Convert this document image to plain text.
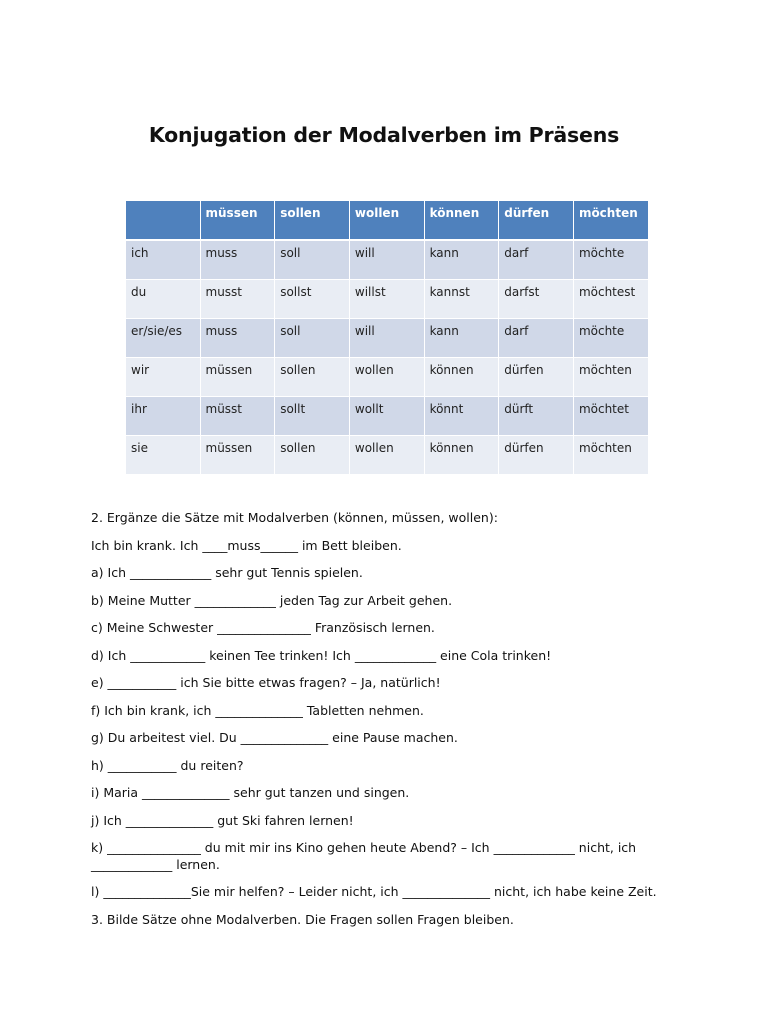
Konjugation der Modalverben im Präsens
	müssen	sollen	wollen	können	dürfen	möchten
ich	muss	soll	will	kann	darf	möchte
du	musst	sollst	willst	kannst	darfst	möchtest
er/sie/es	muss	soll	will	kann	darf	möchte
wir	müssen	sollen	wollen	können	dürfen	möchten
ihr	müsst	sollt	wollt	könnt	dürft	möchtet
sie	müssen	sollen	wollen	können	dürfen	möchten

2. Ergänze die Sätze mit Modalverben (können, müssen, wollen):

Ich bin krank. Ich ____muss______ im Bett bleiben.

a) Ich _____________ sehr gut Tennis spielen.

b) Meine Mutter _____________ jeden Tag zur Arbeit gehen.

c) Meine Schwester _______________ Französisch lernen.

d) Ich ____________ keinen Tee trinken! Ich _____________ eine Cola trinken!

e) ___________ ich Sie bitte etwas fragen? – Ja, natürlich!

f) Ich bin krank, ich ______________ Tabletten nehmen.

g) Du arbeitest viel. Du ______________ eine Pause machen.

h) ___________ du reiten?

i) Maria ______________ sehr gut tanzen und singen.

j) Ich ______________ gut Ski fahren lernen!

k) _______________ du mit mir ins Kino gehen heute Abend? – Ich _____________ nicht, ich _____________ lernen.

l) ______________Sie mir helfen? – Leider nicht, ich ______________ nicht, ich habe keine Zeit.

3. Bilde Sätze ohne Modalverben. Die Fragen sollen Fragen bleiben.
